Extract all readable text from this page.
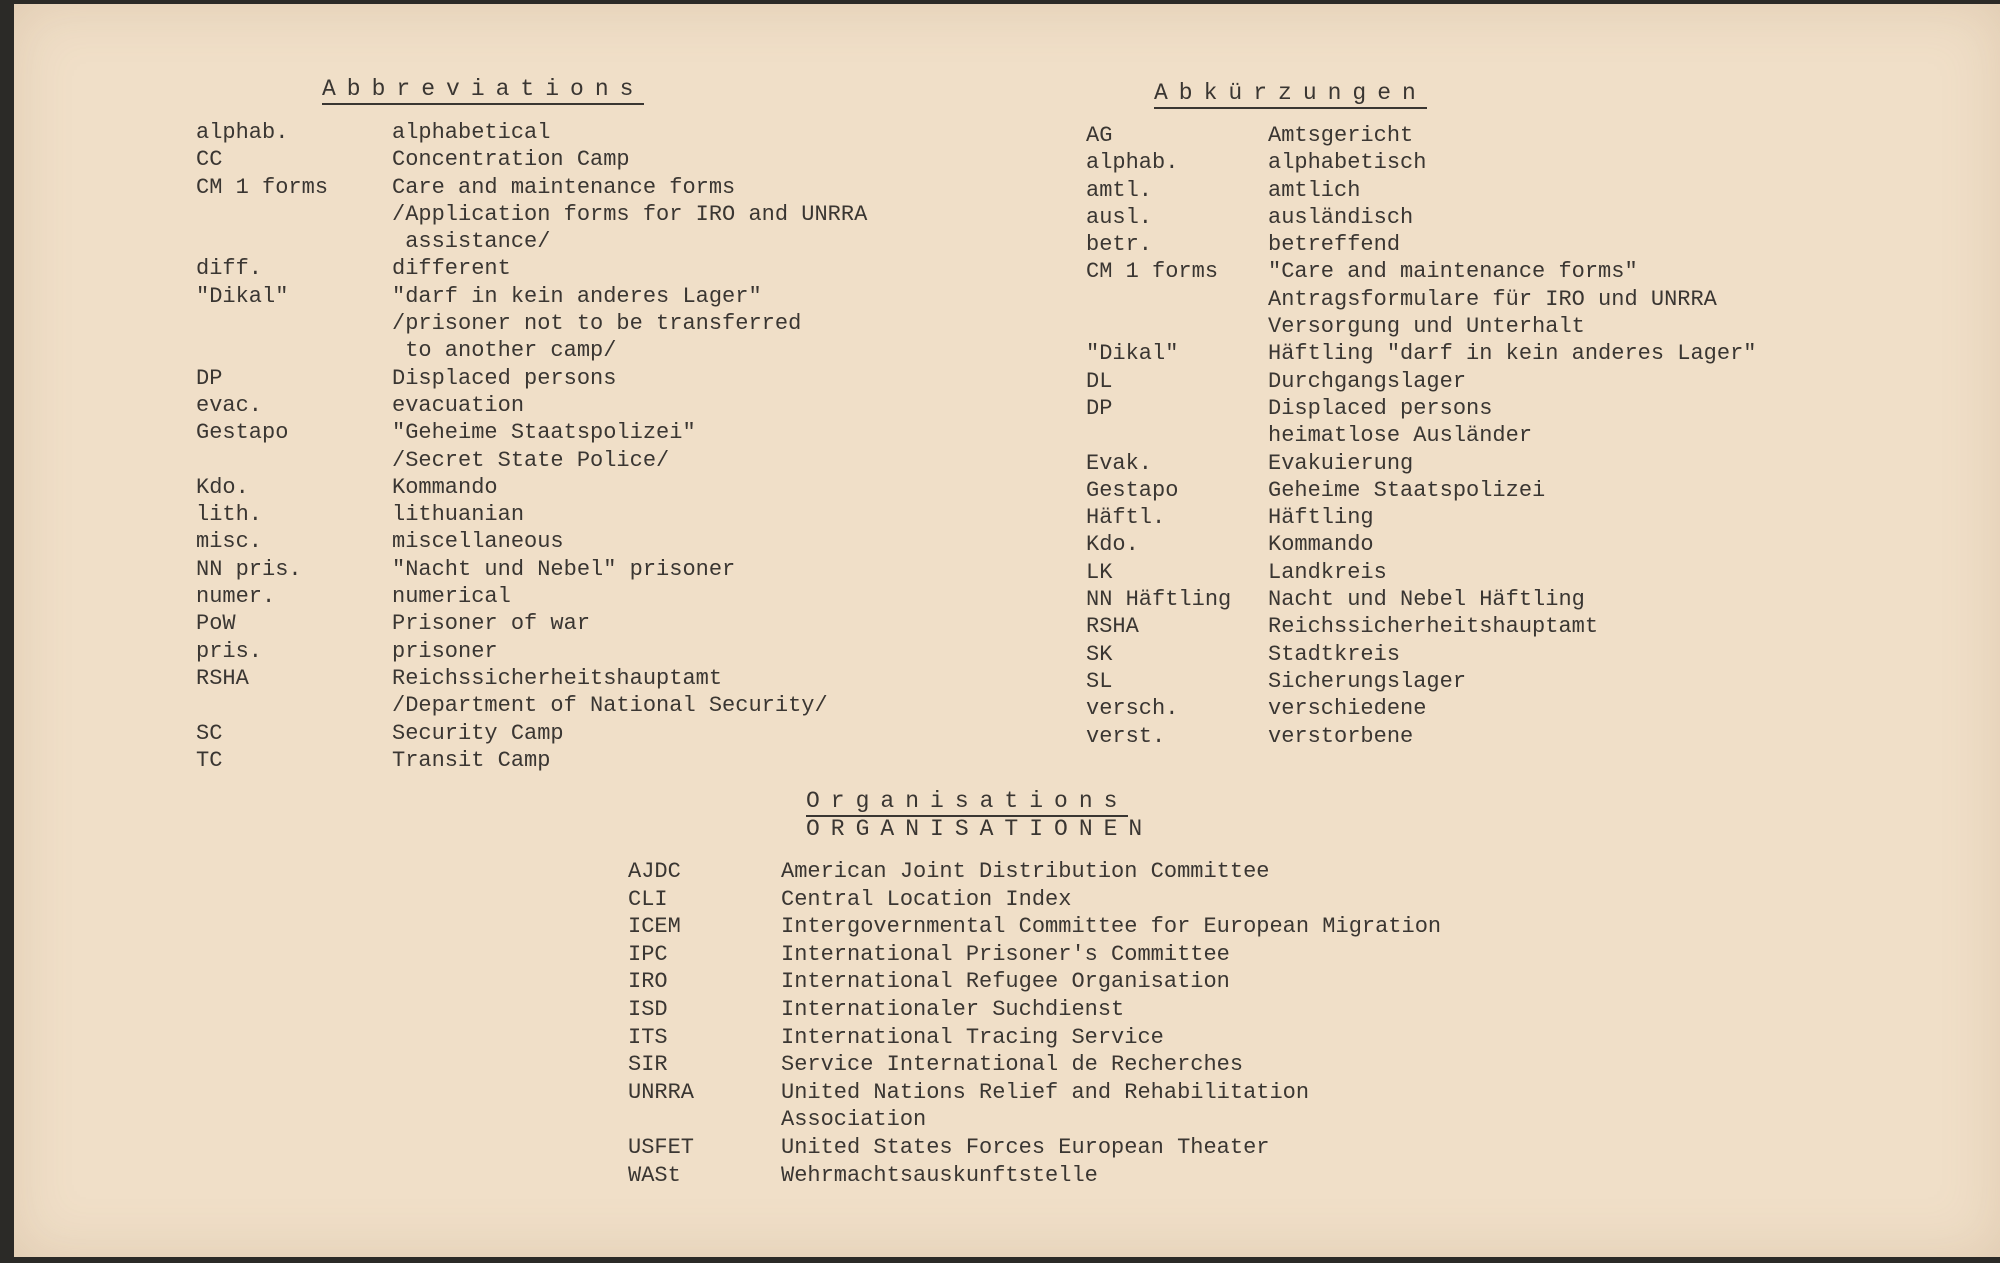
Abbreviations
alphab.	alphabetical
CC	Concentration Camp
CM 1 forms	Care and maintenance forms
/Application forms for IRO and UNRRA
assistance/
diff.	different
"Dikal"	"darf in kein anderes Lager"
/prisoner not to be transferred
to another camp/
DP	Displaced persons
evac.	evacuation
Gestapo	"Geheime Staatspolizei"
/Secret State Police/
Kdo.	Kommando
lith.	lithuanian
misc.	miscellaneous
NN pris.	"Nacht und Nebel" prisoner
numer.	numerical
PoW	Prisoner of war
pris.	prisoner
RSHA	Reichssicherheitshauptamt
/Department of National Security/
SC	Security Camp
TC	Transit Camp
Abkürzungen
AG	Amtsgericht
alphab.	alphabetisch
amtl.	amtlich
ausl.	ausländisch
betr.	betreffend
CM 1 forms	"Care and maintenance forms"
Antragsformulare für IRO und UNRRA
Versorgung und Unterhalt
"Dikal"	Häftling "darf in kein anderes Lager"
DL	Durchgangslager
DP	Displaced persons
heimatlose Ausländer
Evak.	Evakuierung
Gestapo	Geheime Staatspolizei
Häftl.	Häftling
Kdo.	Kommando
LK	Landkreis
NN Häftling	Nacht und Nebel Häftling
RSHA	Reichssicherheitshauptamt
SK	Stadtkreis
SL	Sicherungslager
versch.	verschiedene
verst.	verstorbene
Organisations
ORGANISATIONEN
AJDC	American Joint Distribution Committee
CLI	Central Location Index
ICEM	Intergovernmental Committee for European Migration
IPC	International Prisoner's Committee
IRO	International Refugee Organisation
ISD	Internationaler Suchdienst
ITS	International Tracing Service
SIR	Service International de Recherches
UNRRA	United Nations Relief and Rehabilitation
Association
USFET	United States Forces European Theater
WASt	Wehrmachtsauskunftstelle
